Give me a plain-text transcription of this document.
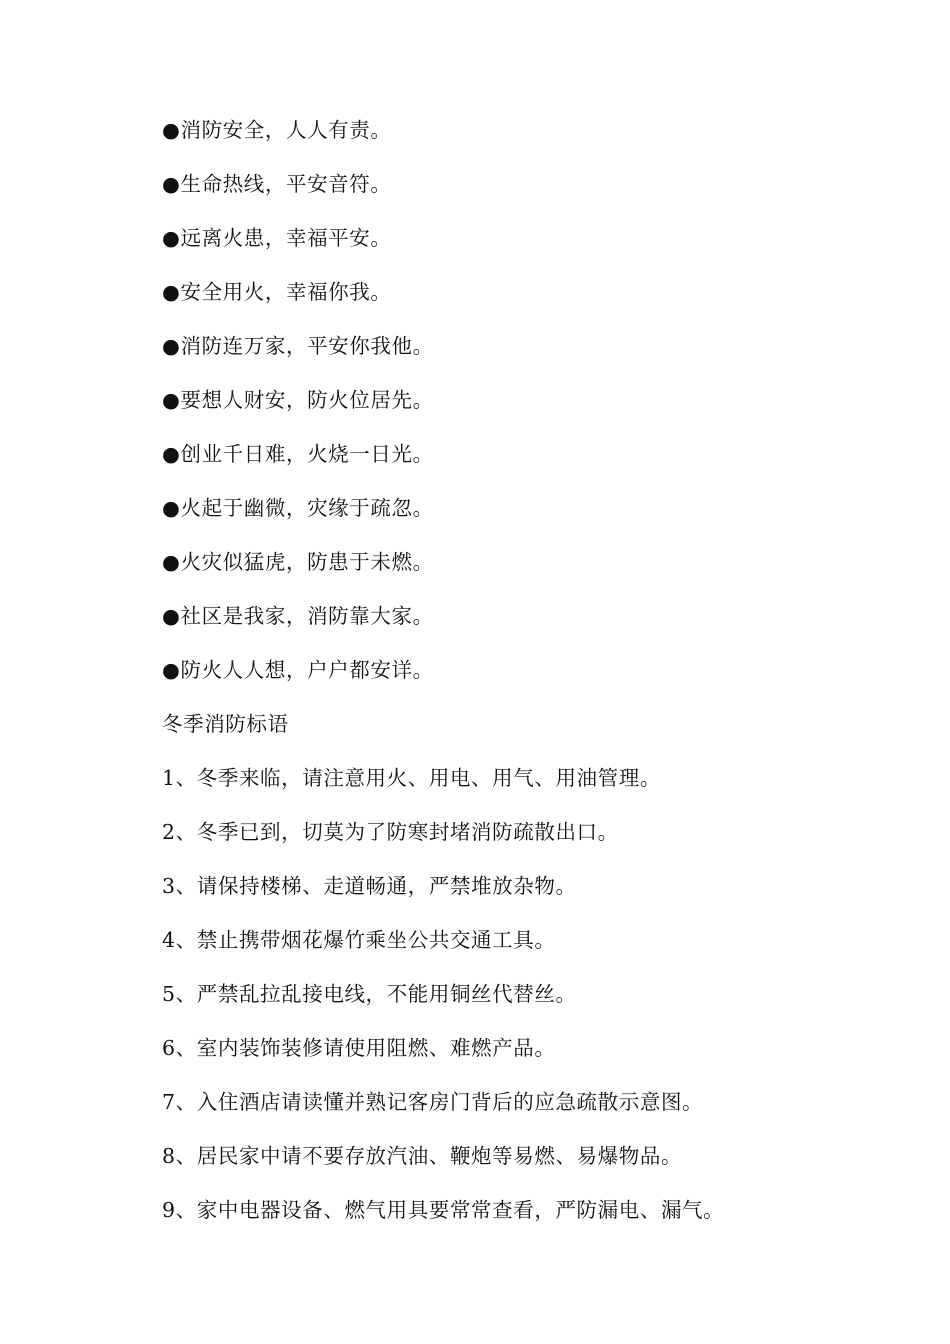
●消防安全，人人有责。
●生命热线，平安音符。
●远离火患，幸福平安。
●安全用火，幸福你我。
●消防连万家，平安你我他。
●要想人财安，防火位居先。
●创业千日难，火烧一日光。
●火起于幽微，灾缘于疏忽。
●火灾似猛虎，防患于未燃。
●社区是我家，消防靠大家。
●防火人人想，户户都安详。
冬季消防标语
1、冬季来临，请注意用火、用电、用气、用油管理。
2、冬季已到，切莫为了防寒封堵消防疏散出口。
3、请保持楼梯、走道畅通，严禁堆放杂物。
4、禁止携带烟花爆竹乘坐公共交通工具。
5、严禁乱拉乱接电线，不能用铜丝代替丝。
6、室内装饰装修请使用阻燃、难燃产品。
7、入住酒店请读懂并熟记客房门背后的应急疏散示意图。
8、居民家中请不要存放汽油、鞭炮等易燃、易爆物品。
9、家中电器设备、燃气用具要常常查看，严防漏电、漏气。
